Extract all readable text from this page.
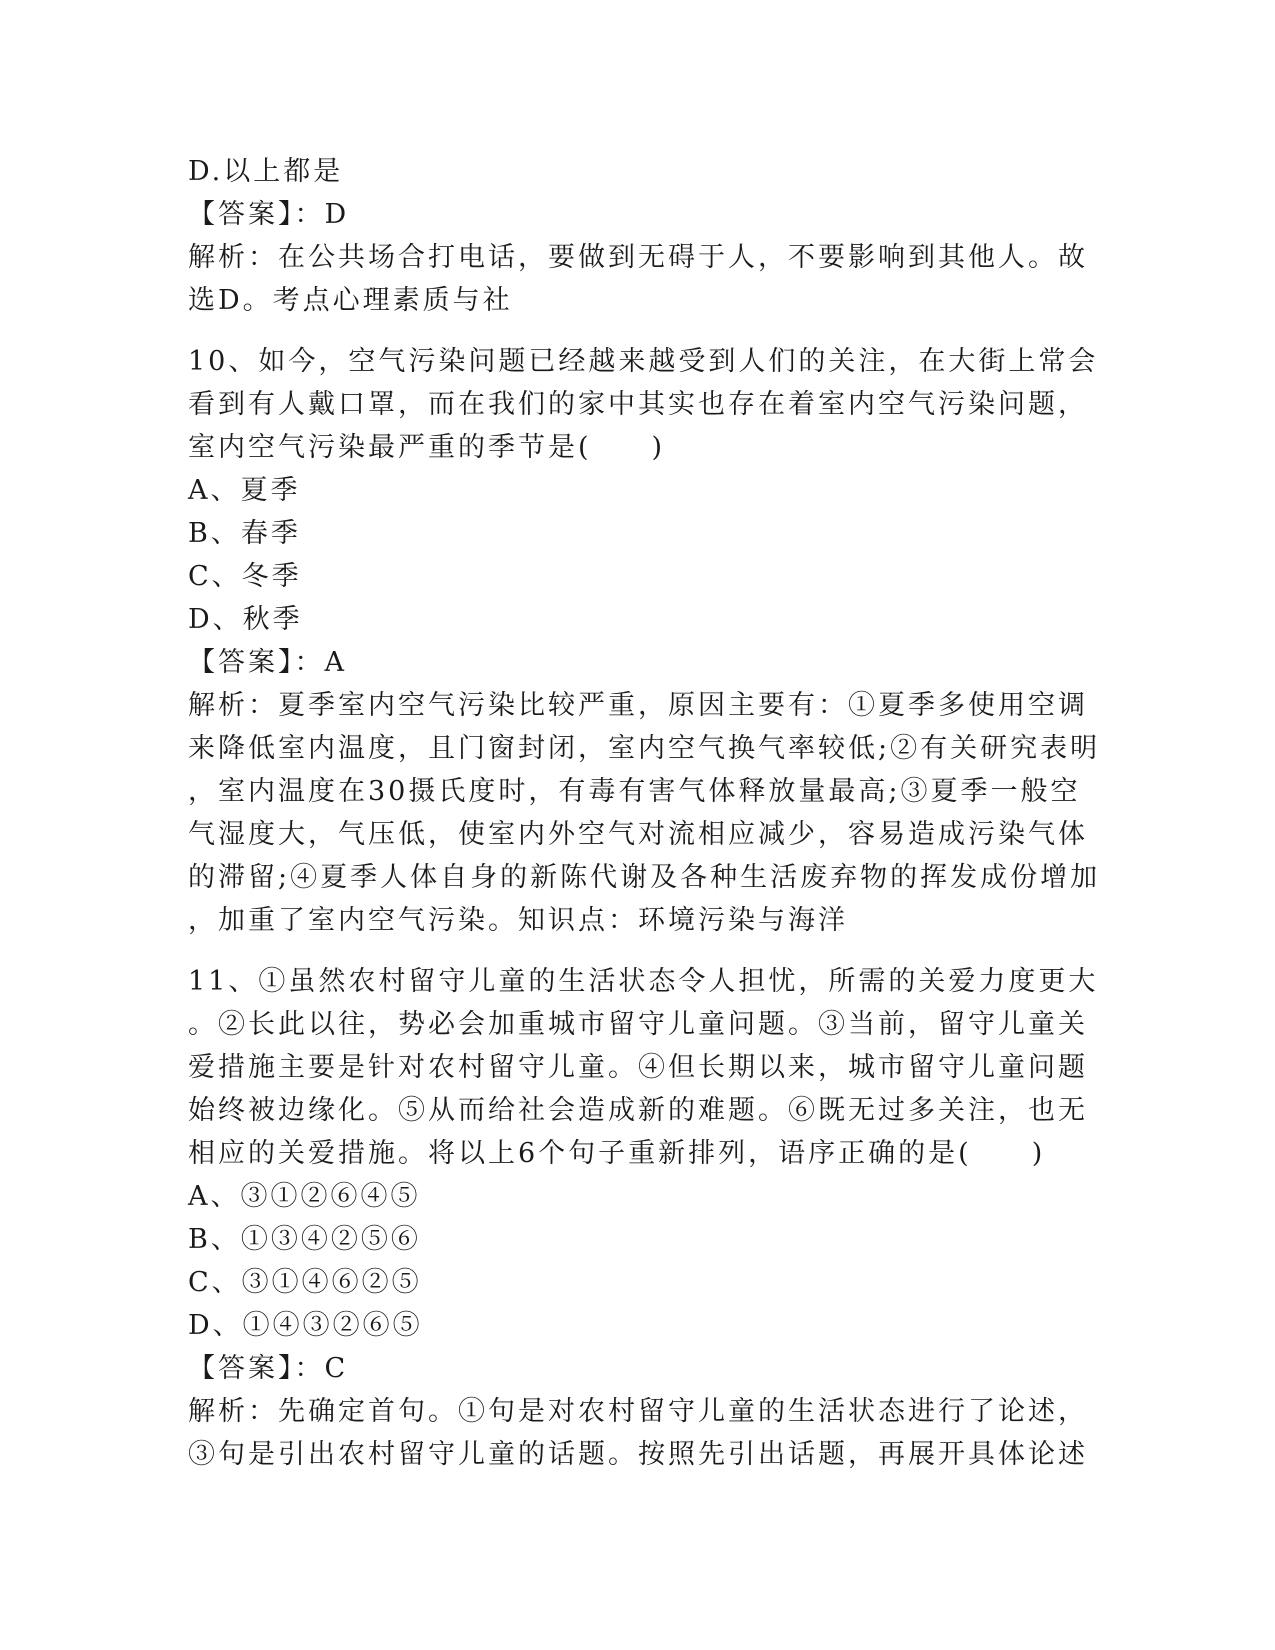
D.以上都是
【答案】：D
解析：在公共场合打电话，要做到无碍于人，不要影响到其他人。故
选D。考点心理素质与社
10、如今，空气污染问题已经越来越受到人们的关注，在大街上常会
看到有人戴口罩，而在我们的家中其实也存在着室内空气污染问题，
室内空气污染最严重的季节是(　　)
A、夏季
B、春季
C、冬季
D、秋季
【答案】：A
解析：夏季室内空气污染比较严重，原因主要有：①夏季多使用空调
来降低室内温度，且门窗封闭，室内空气换气率较低;②有关研究表明
，室内温度在30摄氏度时，有毒有害气体释放量最高;③夏季一般空
气湿度大，气压低，使室内外空气对流相应减少，容易造成污染气体
的滞留;④夏季人体自身的新陈代谢及各种生活废弃物的挥发成份增加
，加重了室内空气污染。知识点：环境污染与海洋
11、①虽然农村留守儿童的生活状态令人担忧，所需的关爱力度更大
。②长此以往，势必会加重城市留守儿童问题。③当前，留守儿童关
爱措施主要是针对农村留守儿童。④但长期以来，城市留守儿童问题
始终被边缘化。⑤从而给社会造成新的难题。⑥既无过多关注，也无
相应的关爱措施。将以上6个句子重新排列，语序正确的是(　　)
A、③①②⑥④⑤
B、①③④②⑤⑥
C、③①④⑥②⑤
D、①④③②⑥⑤
【答案】：C
解析：先确定首句。①句是对农村留守儿童的生活状态进行了论述，
③句是引出农村留守儿童的话题。按照先引出话题，再展开具体论述
